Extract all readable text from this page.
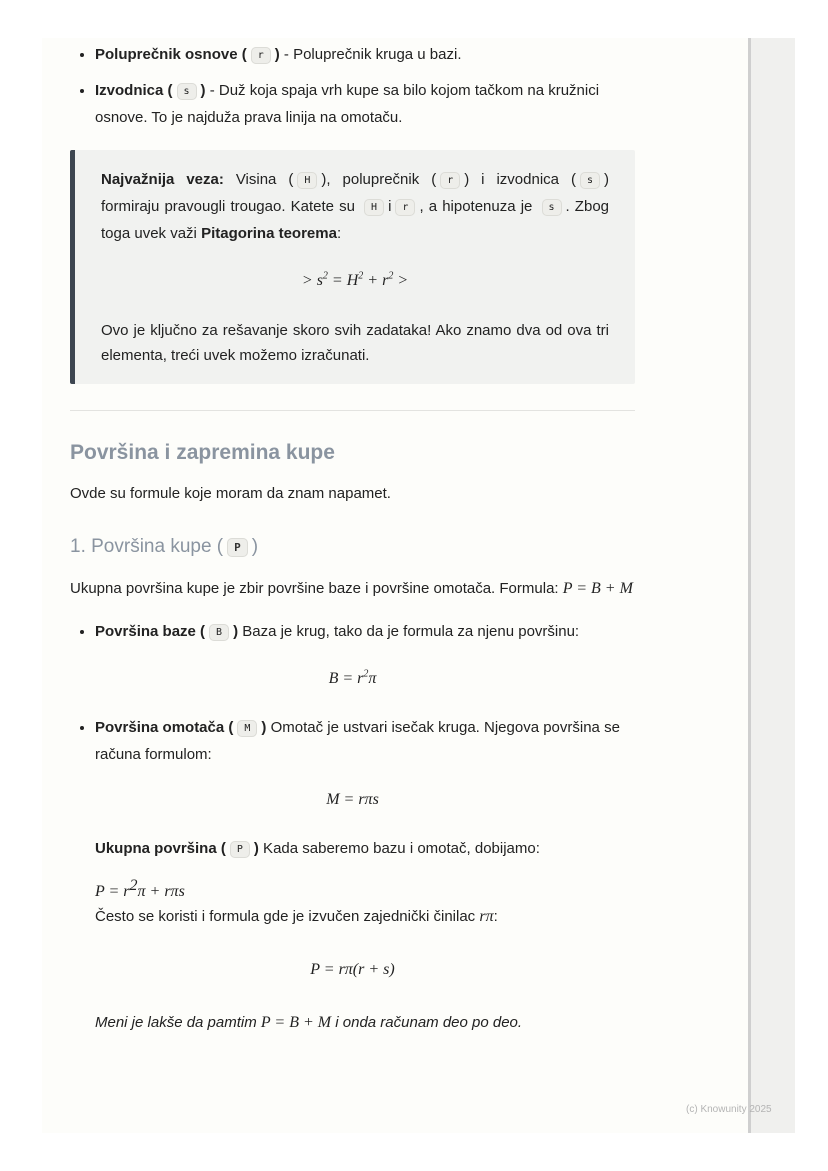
(c) Knowunity 2025
• Poluprečnik osnove ( r ) - Poluprečnik kruga u bazi.
• Izvodnica ( s ) - Duž koja spaja vrh kupe sa bilo kojom tačkom na kružnici osnove. To je najduža prava linija na omotaču.

Najvažnija veza: Visina ( H ), poluprečnik ( r ) i izvodnica ( s ) formiraju pravougli trougao. Katete su H i r , a hipotenuza je s . Zbog toga uvek važi Pitagorina teorema:

> $s^2 = H^2 + r^2$ >

Ovo je ključno za rešavanje skoro svih zadataka! Ako znamo dva od ova tri elementa, treći uvek možemo izračunati.

Površina i zapremina kupe

Ovde su formule koje moram da znam napamet.

1. Površina kupe ( P )

Ukupna površina kupe je zbir površine baze i površine omotača. Formula: P = B + M

• Površina baze ( B ) Baza je krug, tako da je formula za njenu površinu:
$B = r^2\pi$
• Površina omotača ( M ) Omotač je ustvari isečak kruga. Njegova površina se računa formulom:
M = rπs
Ukupna površina ( P ) Kada saberemo bazu i omotač, dobijamo:
$P = r^2\pi + r\pi s$
Često se koristi i formula gde je izvučen zajednički činilac rπ:
P = rπ(r + s)
Meni je lakše da pamtim P = B + M i onda računam deo po deo.
